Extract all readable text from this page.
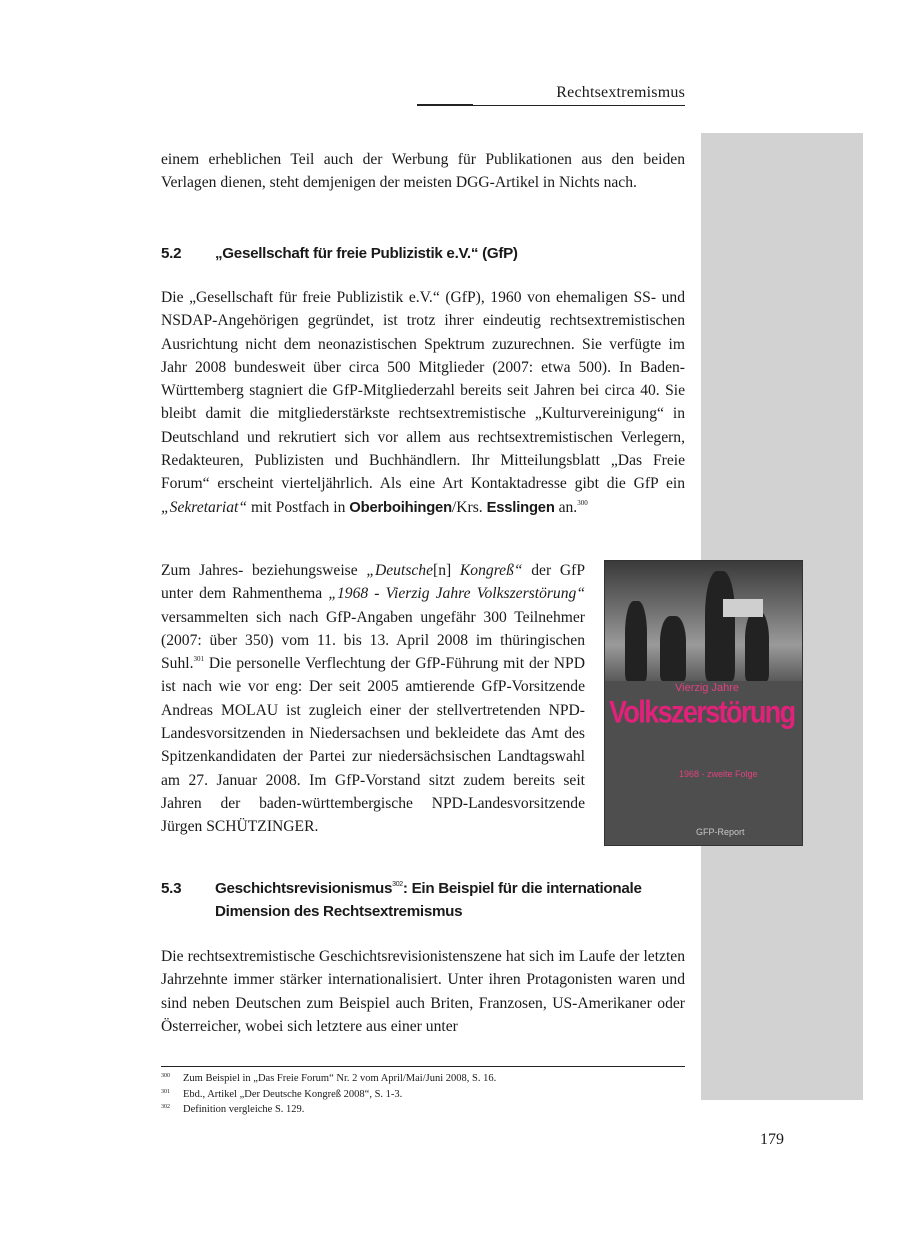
Rechtsextremismus

einem erheblichen Teil auch der Werbung für Publikationen aus den beiden Verlagen dienen, steht demjenigen der meisten DGG-Artikel in Nichts nach.

5.2 „Gesellschaft für freie Publizistik e.V.“ (GfP)

Die „Gesellschaft für freie Publizistik e.V.“ (GfP), 1960 von ehemaligen SS- und NSDAP-Angehörigen gegründet, ist trotz ihrer eindeutig rechtsextremistischen Ausrichtung nicht dem neonazistischen Spektrum zuzurechnen. Sie verfügte im Jahr 2008 bundesweit über circa 500 Mitglieder (2007: etwa 500). In Baden-Württemberg stagniert die GfP-Mitgliederzahl bereits seit Jahren bei circa 40. Sie bleibt damit die mitgliederstärkste rechtsextremistische „Kulturvereinigung“ in Deutschland und rekrutiert sich vor allem aus rechtsextremistischen Verlegern, Redakteuren, Publizisten und Buchhändlern. Ihr Mitteilungsblatt „Das Freie Forum“ erscheint vierteljährlich. Als eine Art Kontaktadresse gibt die GfP ein „Sekretariat“ mit Postfach in Oberboihingen/Krs. Esslingen an.$^{300}$

Zum Jahres- beziehungsweise „Deutsche[n] Kongreß“ der GfP unter dem Rahmenthema „1968 - Vierzig Jahre Volkszerstörung“ versammelten sich nach GfP-Angaben ungefähr 300 Teilnehmer (2007: über 350) vom 11. bis 13. April 2008 im thüringischen Suhl.$^{301}$ Die personelle Verflechtung der GfP-Führung mit der NPD ist nach wie vor eng: Der seit 2005 amtierende GfP-Vorsitzende Andreas MOLAU ist zugleich einer der stellvertretenden NPD-Landesvorsitzenden in Niedersachsen und bekleidete das Amt des Spitzenkandidaten der Partei zur niedersächsischen Landtagswahl am 27. Januar 2008. Im GfP-Vorstand sitzt zudem bereits seit Jahren der baden-württembergische NPD-Landesvorsitzende Jürgen SCHÜTZINGER.

Vierzig Jahre
Volkszerstörung
1968 - zweite Folge
GFP-Report
5.3 Geschichtsrevisionismus$^{302}$: Ein Beispiel für die internationale Dimension des Rechtsextremismus

Die rechtsextremistische Geschichtsrevisionistenszene hat sich im Laufe der letzten Jahrzehnte immer stärker internationalisiert. Unter ihren Protagonisten waren und sind neben Deutschen zum Beispiel auch Briten, Franzosen, US-Amerikaner oder Österreicher, wobei sich letztere aus einer unter

300 Zum Beispiel in „Das Freie Forum“ Nr. 2 vom April/Mai/Juni 2008, S. 16.
301 Ebd., Artikel „Der Deutsche Kongreß 2008“, S. 1-3.
302 Definition vergleiche S. 129.
179
